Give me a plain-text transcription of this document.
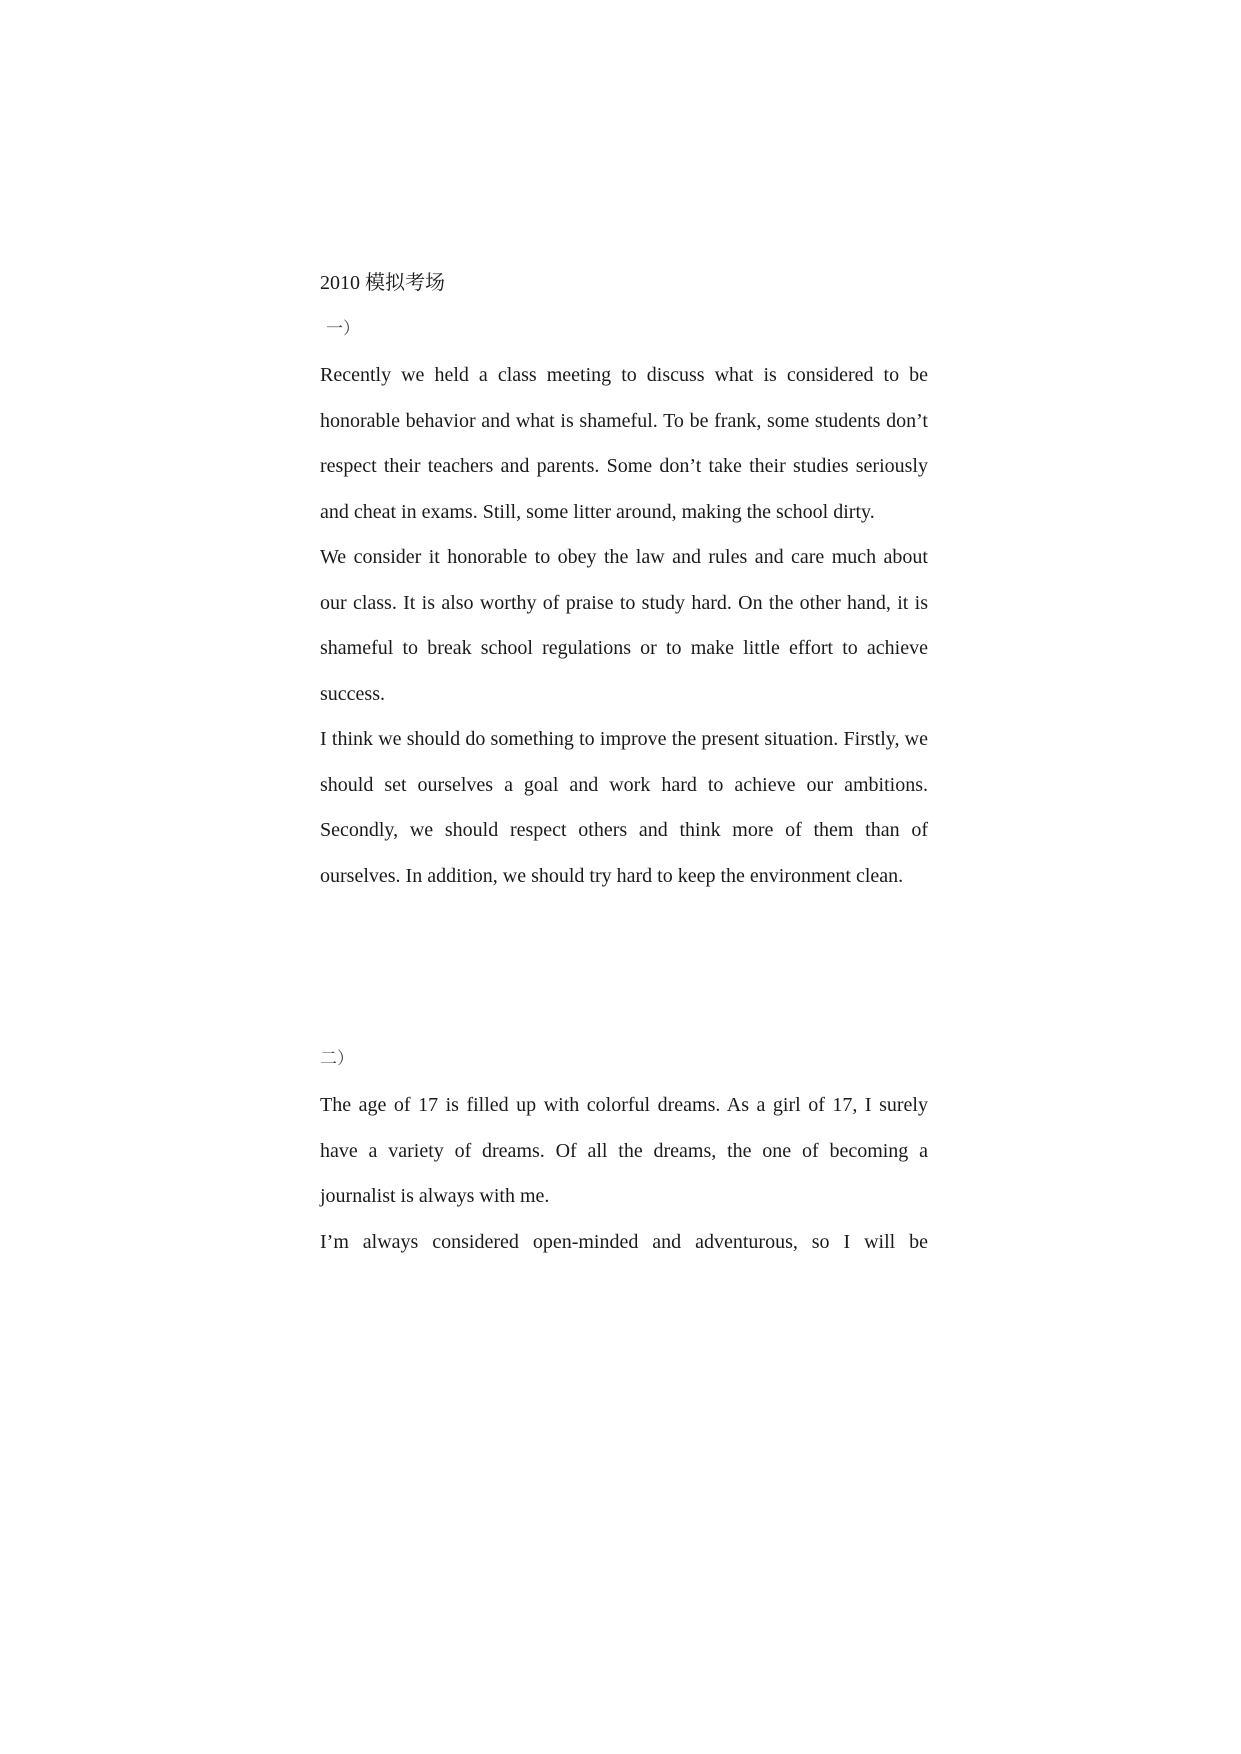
2010 模拟考场
一）

Recently we held a class meeting to discuss what is considered to be honorable behavior and what is shameful. To be frank, some students don’t respect their teachers and parents. Some don’t take their studies seriously and cheat in exams. Still, some litter around, making the school dirty.

We consider it honorable to obey the law and rules and care much about our class. It is also worthy of praise to study hard. On the other hand, it is shameful to break school regulations or to make little effort to achieve success.

I think we should do something to improve the present situation. Firstly, we should set ourselves a goal and work hard to achieve our ambitions. Secondly, we should respect others and think more of them than of ourselves. In addition, we should try hard to keep the environment clean.

二）

The age of 17 is filled up with colorful dreams. As a girl of 17, I surely have a variety of dreams. Of all the dreams, the one of becoming a journalist is always with me.

I’m always considered open-minded and adventurous, so I will be
